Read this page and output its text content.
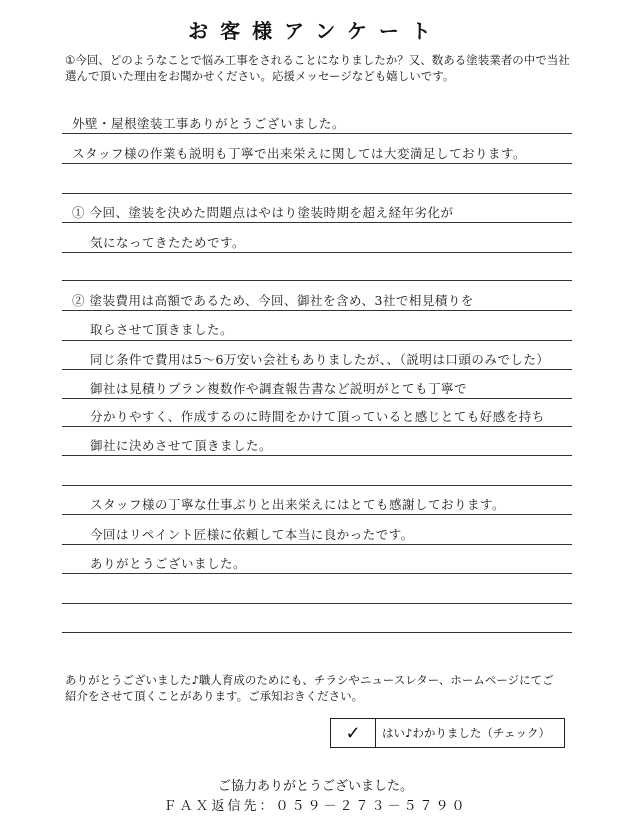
お客様アンケート
①今回、どのようなことで悩み工事をされることになりましたか？又、数ある塗装業者の中で当社選んで頂いた理由をお聞かせください。応援メッセージなども嬉しいです。
外壁・屋根塗装工事ありがとうございました。
スタッフ様の作業も説明も丁寧で出来栄えに関しては大変満足しております。
① 今回、塗装を決めた問題点はやはり塗装時期を超え経年劣化が
気になってきたためです。
② 塗装費用は高額であるため、今回、御社を含め、3社で相見積りを
取らさせて頂きました。
同じ条件で費用は5〜6万安い会社もありましたが、、（説明は口頭のみでした）
御社は見積りプラン複数作や調査報告書など説明がとても丁寧で
分かりやすく、作成するのに時間をかけて頂っていると感じとても好感を持ち
御社に決めさせて頂きました。
スタッフ様の丁寧な仕事ぶりと出来栄えにはとても感謝しております。
今回はリペイント匠様に依頼して本当に良かったです。
ありがとうございました。
ありがとうございました♪職人育成のためにも、チラシやニュースレター、ホームページにてご紹介をさせて頂くことがあります。ご承知おきください。
✓	はい♪わかりました（チェック）
ご協力ありがとうございました。
ＦＡＸ返信先：０５９－２７３－５７９０
